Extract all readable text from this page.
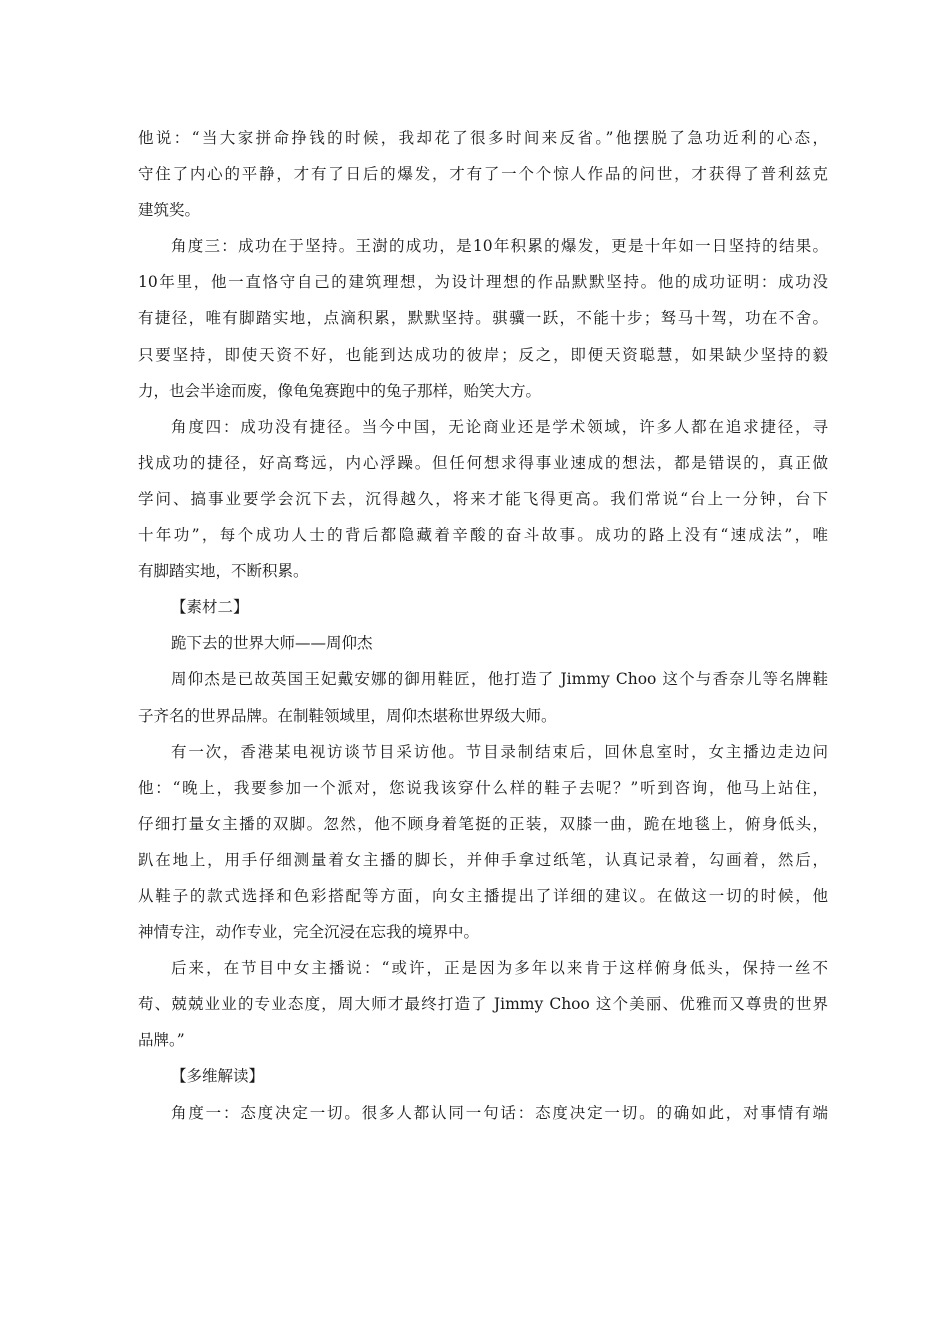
他说：“当大家拼命挣钱的时候，我却花了很多时间来反省。”他摆脱了急功近利的心态，
守住了内心的平静，才有了日后的爆发，才有了一个个惊人作品的问世，才获得了普利兹克
建筑奖。
角度三：成功在于坚持。王澍的成功，是10年积累的爆发，更是十年如一日坚持的结果。
10年里，他一直恪守自己的建筑理想，为设计理想的作品默默坚持。他的成功证明：成功没
有捷径，唯有脚踏实地，点滴积累，默默坚持。骐骥一跃，不能十步；驽马十驾，功在不舍。
只要坚持，即使天资不好，也能到达成功的彼岸；反之，即便天资聪慧，如果缺少坚持的毅
力，也会半途而废，像龟兔赛跑中的兔子那样，贻笑大方。
角度四：成功没有捷径。当今中国，无论商业还是学术领域，许多人都在追求捷径，寻
找成功的捷径，好高骛远，内心浮躁。但任何想求得事业速成的想法，都是错误的，真正做
学问、搞事业要学会沉下去，沉得越久，将来才能飞得更高。我们常说“台上一分钟，台下
十年功”，每个成功人士的背后都隐藏着辛酸的奋斗故事。成功的路上没有“速成法”，唯
有脚踏实地，不断积累。
【素材二】
跪下去的世界大师——周仰杰
周仰杰是已故英国王妃戴安娜的御用鞋匠，他打造了 Jimmy Choo 这个与香奈儿等名牌鞋
子齐名的世界品牌。在制鞋领域里，周仰杰堪称世界级大师。
有一次，香港某电视访谈节目采访他。节目录制结束后，回休息室时，女主播边走边问
他：“晚上，我要参加一个派对，您说我该穿什么样的鞋子去呢？”听到咨询，他马上站住，
仔细打量女主播的双脚。忽然，他不顾身着笔挺的正装，双膝一曲，跪在地毯上，俯身低头，
趴在地上，用手仔细测量着女主播的脚长，并伸手拿过纸笔，认真记录着，勾画着，然后，
从鞋子的款式选择和色彩搭配等方面，向女主播提出了详细的建议。在做这一切的时候，他
神情专注，动作专业，完全沉浸在忘我的境界中。
后来，在节目中女主播说：“或许，正是因为多年以来肯于这样俯身低头，保持一丝不
苟、兢兢业业的专业态度，周大师才最终打造了 Jimmy Choo 这个美丽、优雅而又尊贵的世界
品牌。”
【多维解读】
角度一：态度决定一切。很多人都认同一句话：态度决定一切。的确如此，对事情有端
